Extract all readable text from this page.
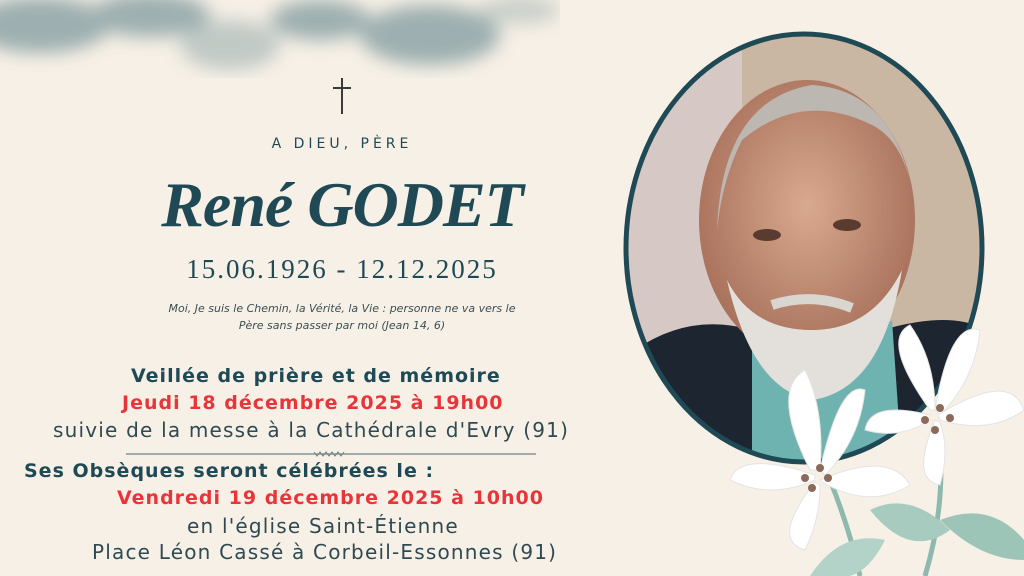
A DIEU, PÈRE
René GODET
15.06.1926 - 12.12.2025
Moi, Je suis le Chemin, la Vérité, la Vie : personne ne va vers le
Père sans passer par moi (Jean 14, 6)
Veillée de prière et de mémoire
Jeudi 18 décembre 2025 à 19h00
suivie de la messe à la Cathédrale d'Evry (91)
Ses Obsèques seront célébrées le :
Vendredi 19 décembre 2025 à 10h00
en l'église Saint-Étienne
Place Léon Cassé à Corbeil-Essonnes (91)
